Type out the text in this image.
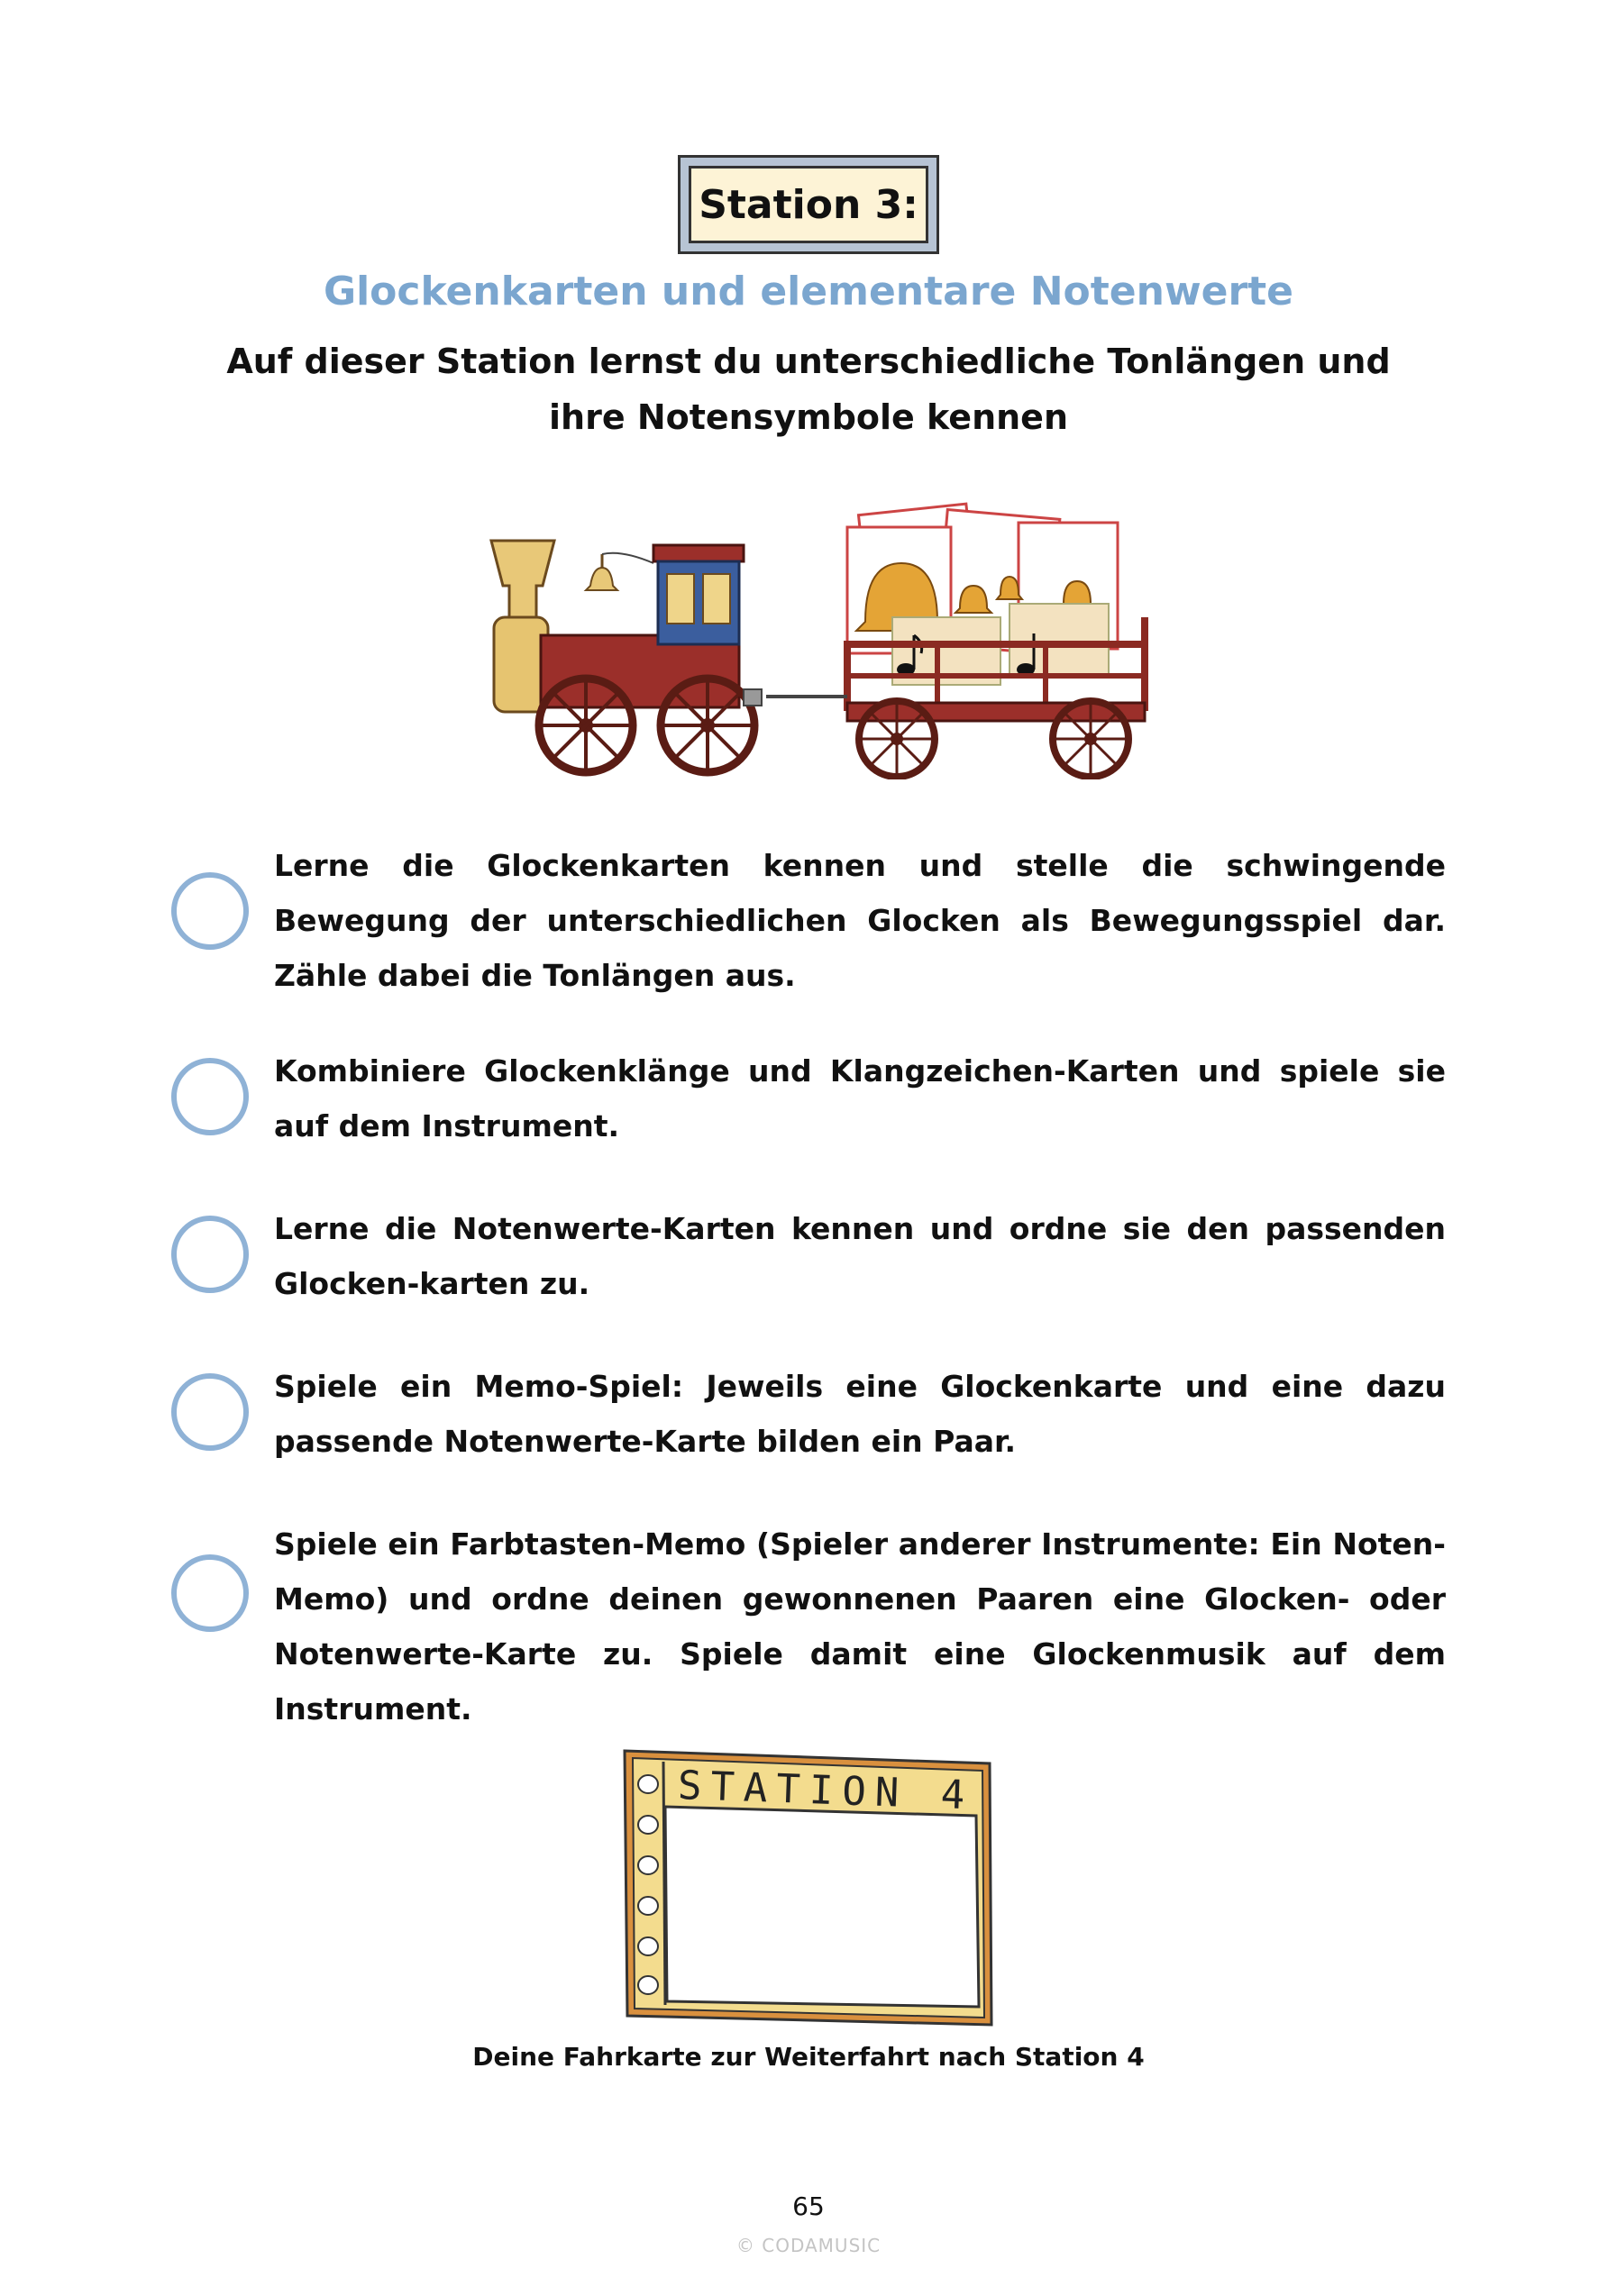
Station 3:
Glockenkarten und elementare Notenwerte
Auf dieser Station lernst du unterschiedliche Tonlängen und ihre Notensymbole kennen
Lerne die Glockenkarten kennen und stelle die schwingende Bewegung der unterschiedlichen Glocken als Bewegungsspiel dar. Zähle dabei die Tonlängen aus.
Kombiniere Glockenklänge und Klangzeichen-Karten und spiele sie auf dem Instrument.
Lerne die Notenwerte-Karten kennen und ordne sie den passenden Glocken-karten zu.
Spiele ein Memo-Spiel: Jeweils eine Glockenkarte und eine dazu passende Notenwerte-Karte bilden ein Paar.
Spiele ein Farbtasten-Memo (Spieler anderer Instrumente: Ein Noten-Memo) und ordne deinen gewonnenen Paaren eine Glocken- oder Notenwerte-Karte zu. Spiele damit eine Glockenmusik auf dem Instrument.
STATION 4
Deine Fahrkarte zur Weiterfahrt nach Station 4
65
© CODAMUSIC
